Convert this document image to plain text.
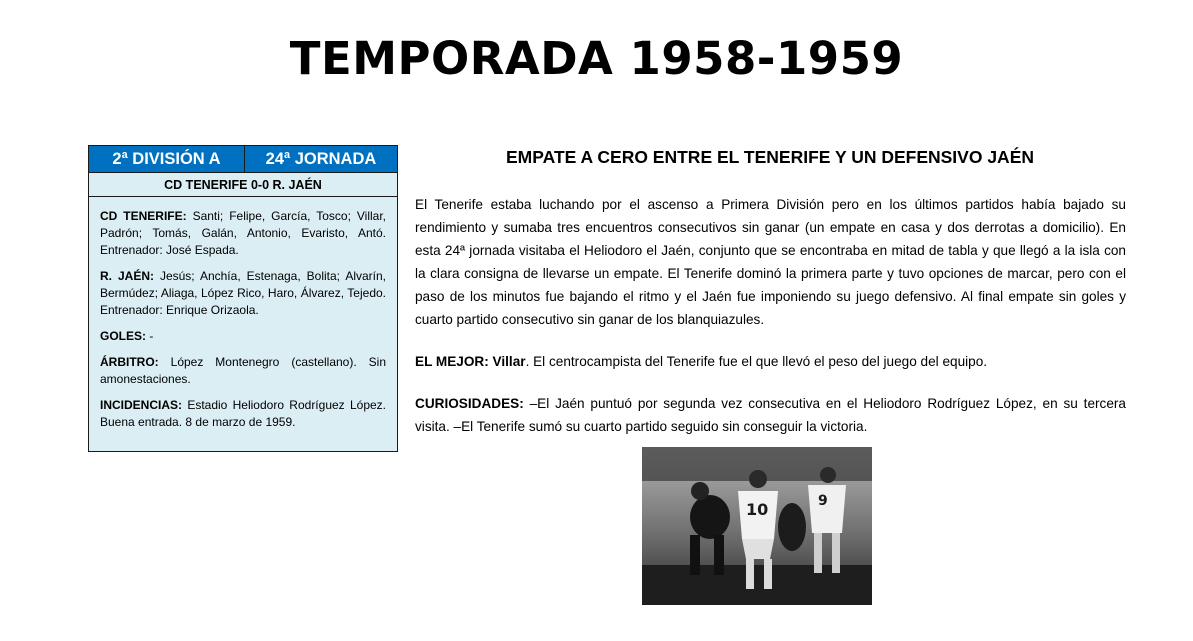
TEMPORADA 1958-1959
2ª DIVISIÓN A	24ª JORNADA
CD TENERIFE 0-0 R. JAÉN

CD TENERIFE: Santi; Felipe, García, Tosco; Villar, Padrón; Tomás, Galán, Antonio, Evaristo, Antó. Entrenador: José Espada.

R. JAÉN: Jesús; Anchía, Estenaga, Bolita; Alvarín, Bermúdez; Aliaga, López Rico, Haro, Álvarez, Tejedo. Entrenador: Enrique Orizaola.

GOLES: -

ÁRBITRO: López Montenegro (castellano). Sin amonestaciones.

INCIDENCIAS: Estadio Heliodoro Rodríguez López. Buena entrada. 8 de marzo de 1959.

EMPATE A CERO ENTRE EL TENERIFE Y UN DEFENSIVO JAÉN

El Tenerife estaba luchando por el ascenso a Primera División pero en los últimos partidos había bajado su rendimiento y sumaba tres encuentros consecutivos sin ganar (un empate en casa y dos derrotas a domicilio). En esta 24ª jornada visitaba el Heliodoro el Jaén, conjunto que se encontraba en mitad de tabla y que llegó a la isla con la clara consigna de llevarse un empate. El Tenerife dominó la primera parte y tuvo opciones de marcar, pero con el paso de los minutos fue bajando el ritmo y el Jaén fue imponiendo su juego defensivo. Al final empate sin goles y cuarto partido consecutivo sin ganar de los blanquiazules.

EL MEJOR: Villar. El centrocampista del Tenerife fue el que llevó el peso del juego del equipo.

CURIOSIDADES: –El Jaén puntuó por segunda vez consecutiva en el Heliodoro Rodríguez López, en su tercera visita. –El Tenerife sumó su cuarto partido seguido sin conseguir la victoria.

10	9
